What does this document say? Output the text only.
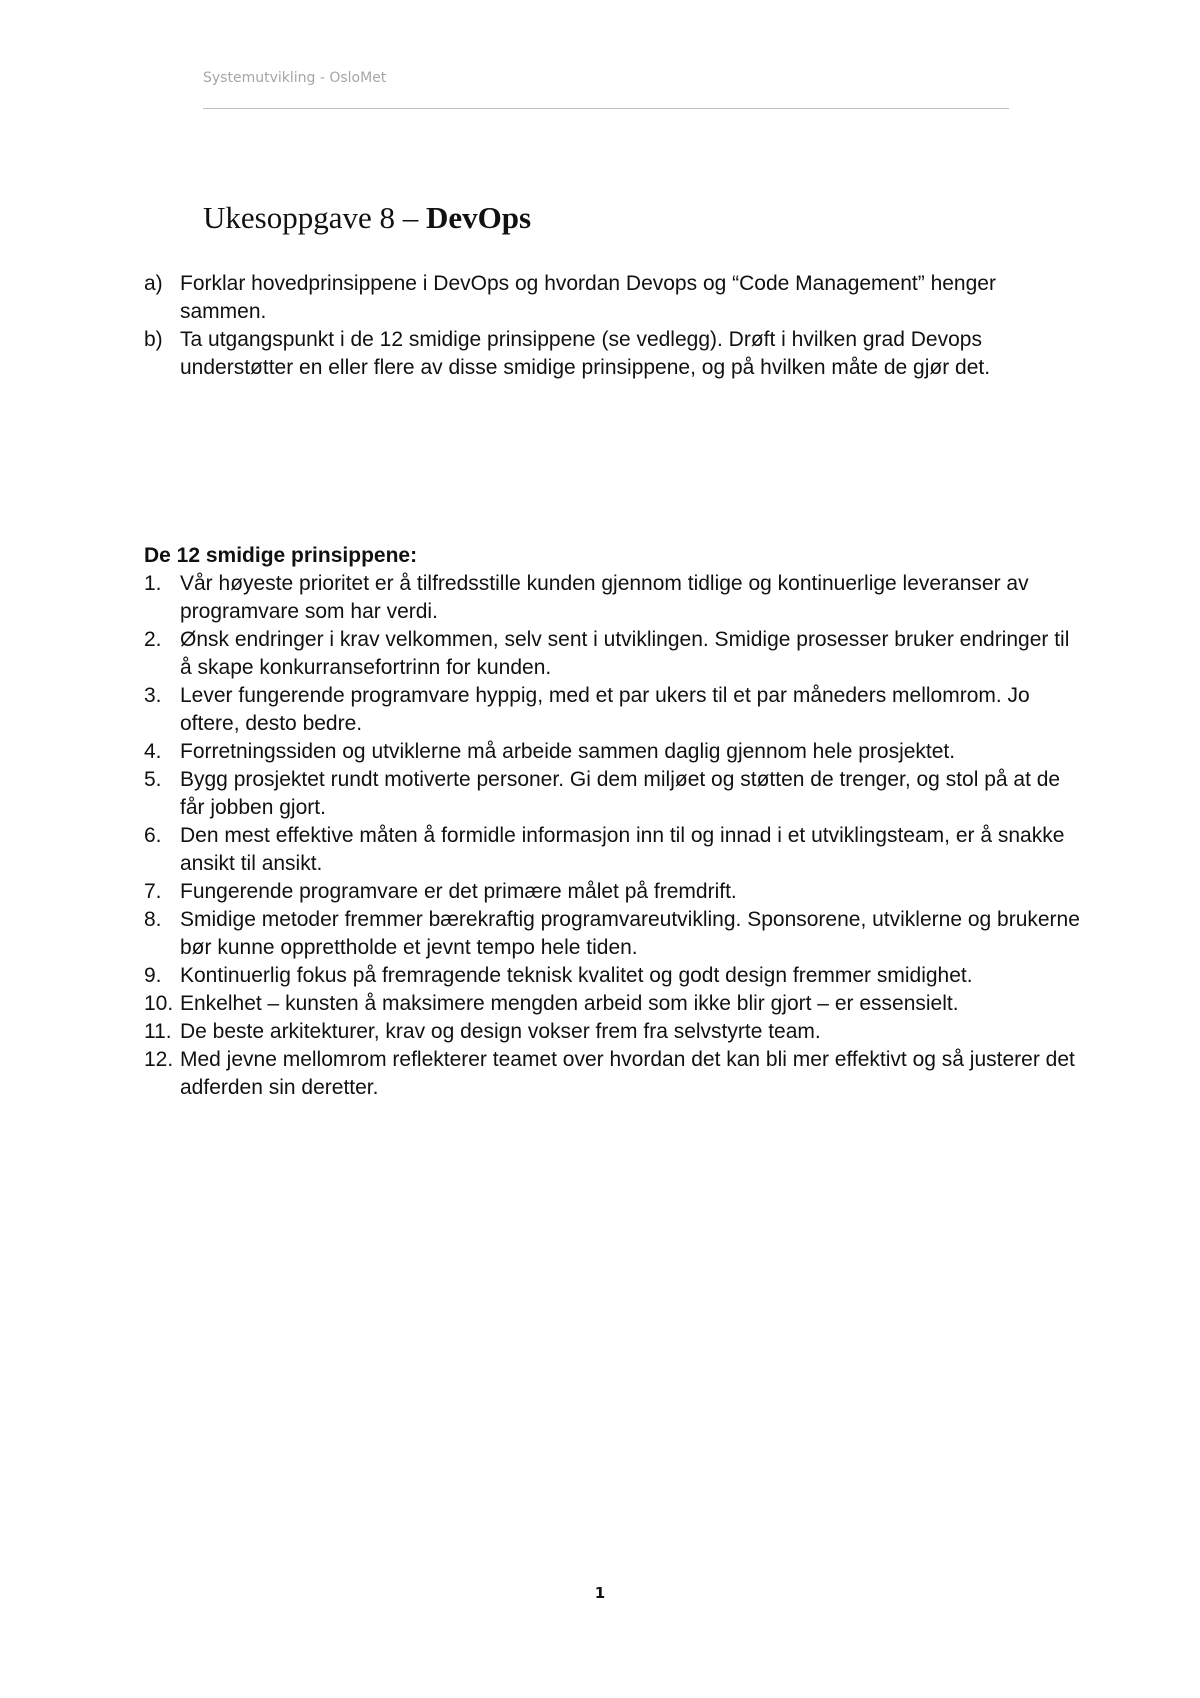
Systemutvikling - OsloMet
Ukesoppgave 8 – DevOps
a) Forklar hovedprinsippene i DevOps og hvordan Devops og “Code Management” henger sammen.
b) Ta utgangspunkt i de 12 smidige prinsippene (se vedlegg). Drøft i hvilken grad Devops understøtter en eller flere av disse smidige prinsippene, og på hvilken måte de gjør det.

De 12 smidige prinsippene:

1. Vår høyeste prioritet er å tilfredsstille kunden gjennom tidlige og kontinuerlige leveranser av programvare som har verdi.
2. Ønsk endringer i krav velkommen, selv sent i utviklingen. Smidige prosesser bruker endringer til å skape konkurransefortrinn for kunden.
3. Lever fungerende programvare hyppig, med et par ukers til et par måneders mellomrom. Jo oftere, desto bedre.
4. Forretningssiden og utviklerne må arbeide sammen daglig gjennom hele prosjektet.
5. Bygg prosjektet rundt motiverte personer. Gi dem miljøet og støtten de trenger, og stol på at de får jobben gjort.
6. Den mest effektive måten å formidle informasjon inn til og innad i et utviklingsteam, er å snakke ansikt til ansikt.
7. Fungerende programvare er det primære målet på fremdrift.
8. Smidige metoder fremmer bærekraftig programvareutvikling. Sponsorene, utviklerne og brukerne bør kunne opprettholde et jevnt tempo hele tiden.
9. Kontinuerlig fokus på fremragende teknisk kvalitet og godt design fremmer smidighet.
10. Enkelhet – kunsten å maksimere mengden arbeid som ikke blir gjort – er essensielt.
11. De beste arkitekturer, krav og design vokser frem fra selvstyrte team.
12. Med jevne mellomrom reflekterer teamet over hvordan det kan bli mer effektivt og så justerer det adferden sin deretter.
1
